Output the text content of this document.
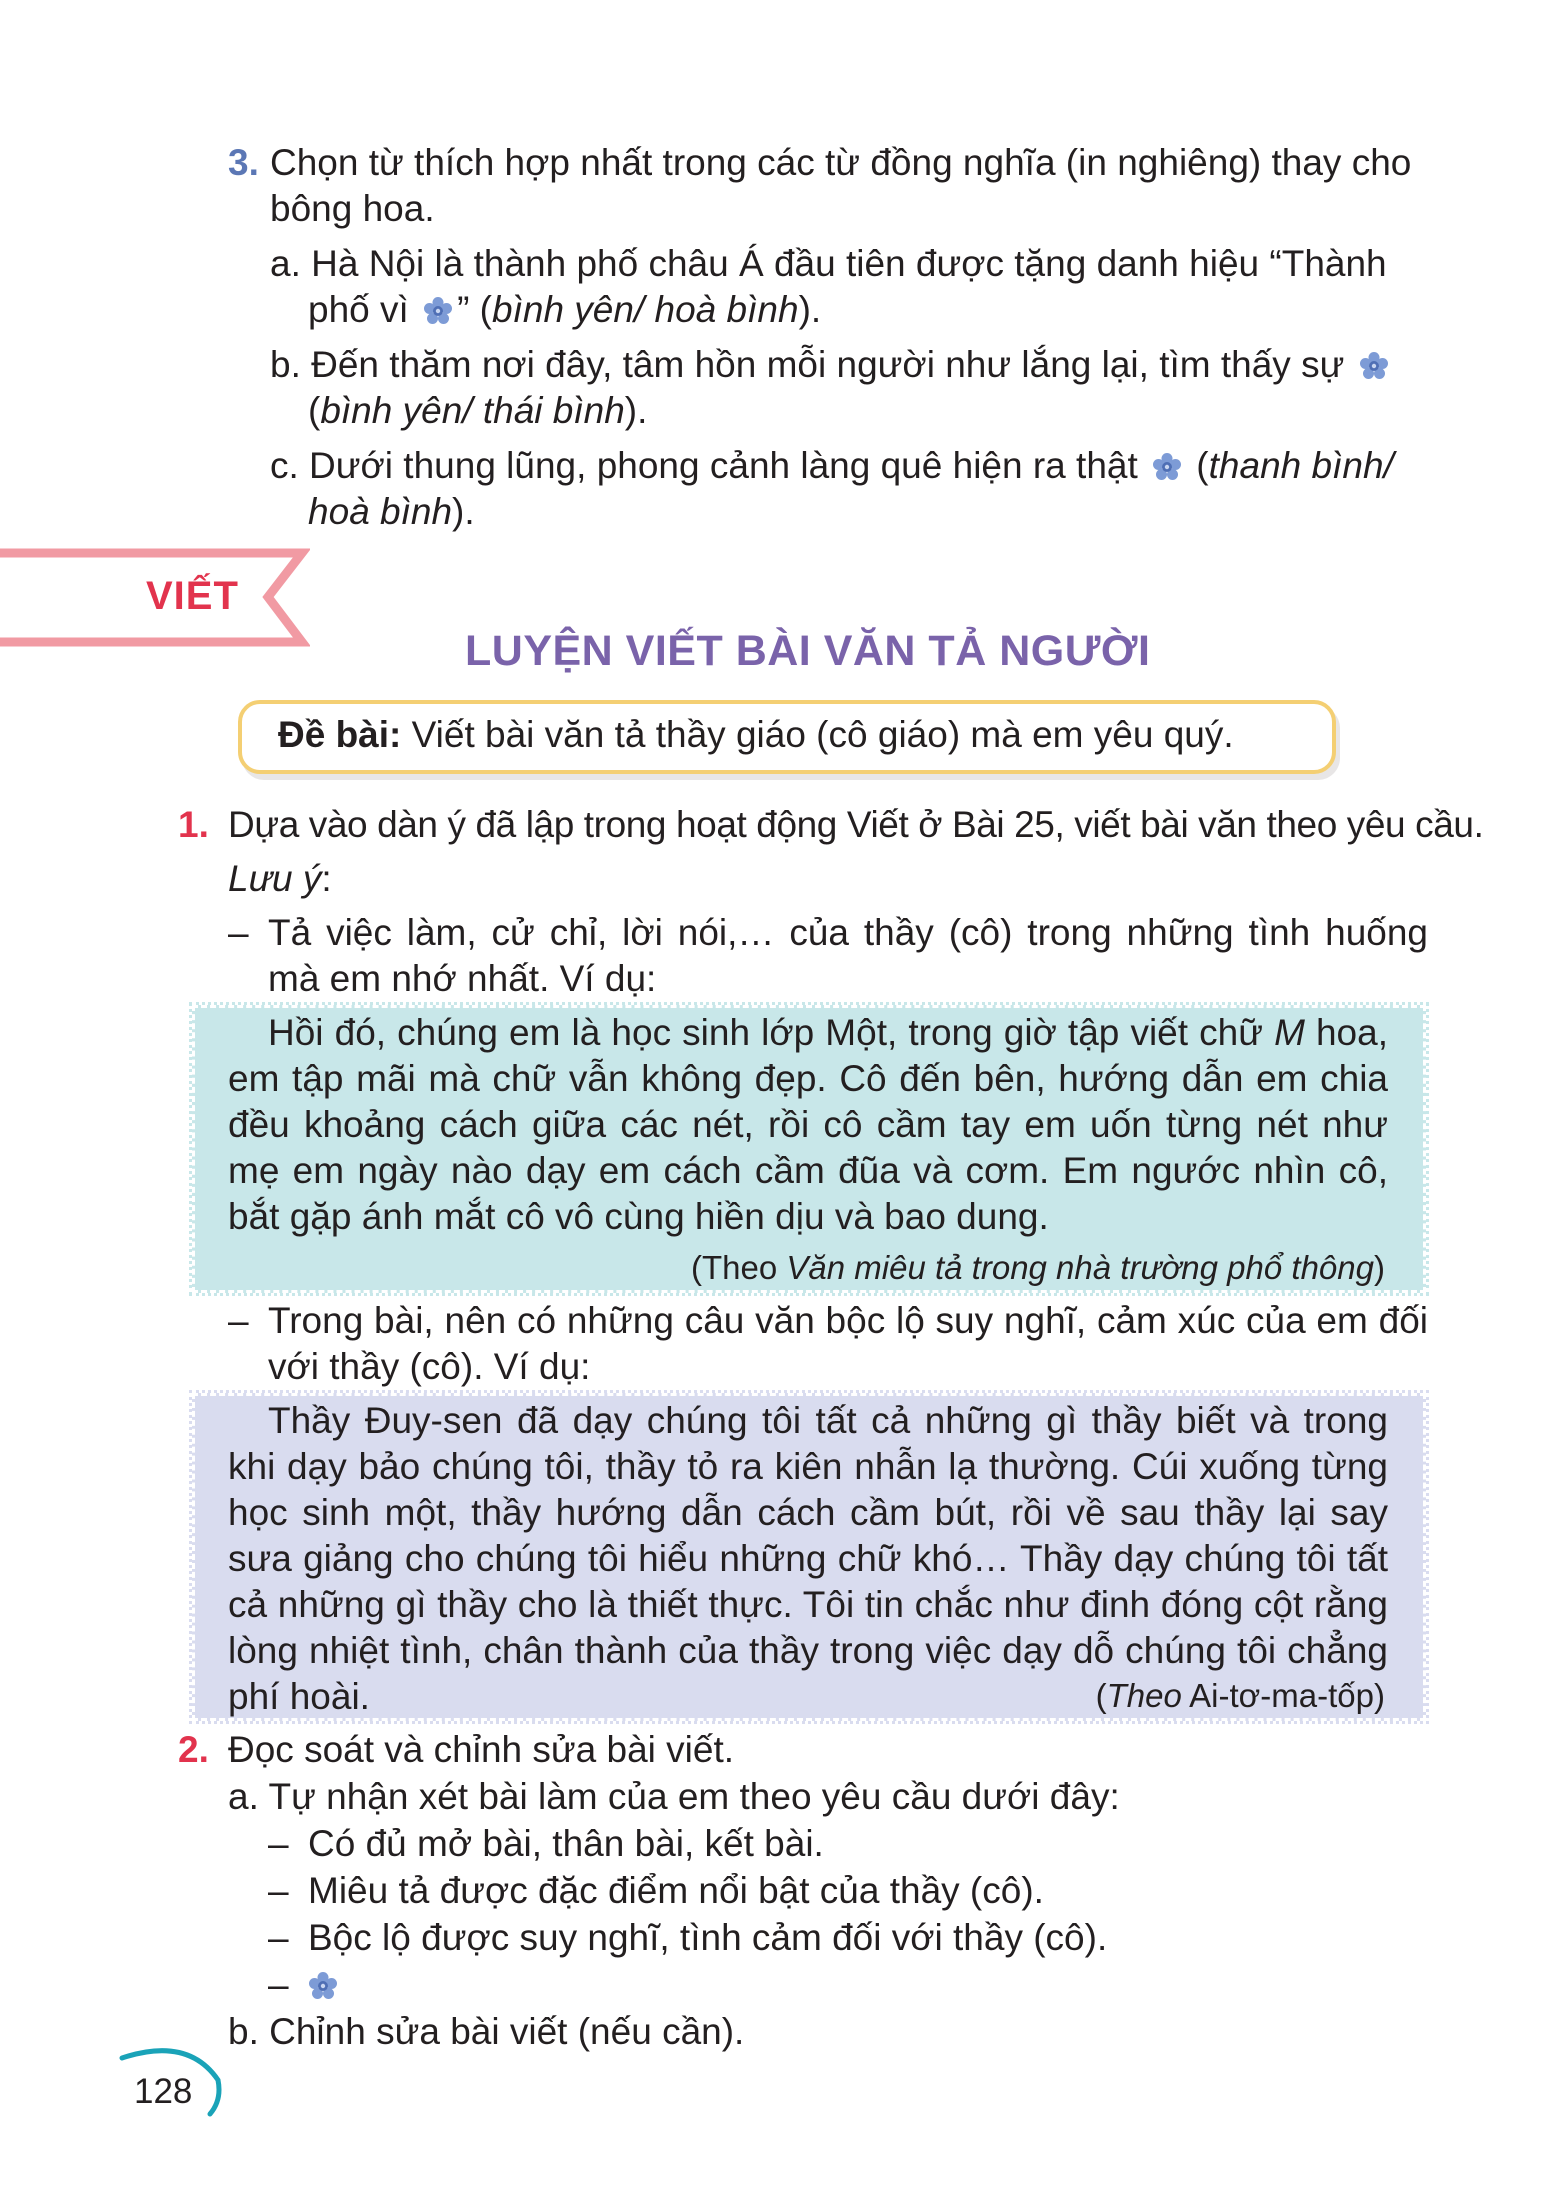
3. Chọn từ thích hợp nhất trong các từ đồng nghĩa (in nghiêng) thay cho bông hoa.
a. Hà Nội là thành phố châu Á đầu tiên được tặng danh hiệu “Thành phố vì
” (bình yên/ hoà bình).
b. Đến thăm nơi đây, tâm hồn mỗi người như lắng lại, tìm thấy sự

(bình yên/ thái bình).
c. Dưới thung lũng, phong cảnh làng quê hiện ra thật
(thanh bình/ hoà bình).
VIẾT
LUYỆN VIẾT BÀI VĂN TẢ NGƯỜI
Đề bài: Viết bài văn tả thầy giáo (cô giáo) mà em yêu quý.
1. Dựa vào dàn ý đã lập trong hoạt động Viết ở Bài 25, viết bài văn theo yêu cầu.
Lưu ý:
– Tả việc làm, cử chỉ, lời nói,… của thầy (cô) trong những tình huống mà em nhớ nhất. Ví dụ:
Hồi đó, chúng em là học sinh lớp Một, trong giờ tập viết chữ M hoa, em tập mãi mà chữ vẫn không đẹp. Cô đến bên, hướng dẫn em chia đều khoảng cách giữa các nét, rồi cô cầm tay em uốn từng nét như mẹ em ngày nào dạy em cách cầm đũa và cơm. Em ngước nhìn cô, bắt gặp ánh mắt cô vô cùng hiền dịu và bao dung.
(Theo Văn miêu tả trong nhà trường phổ thông)
– Trong bài, nên có những câu văn bộc lộ suy nghĩ, cảm xúc của em đối với thầy (cô). Ví dụ:
Thầy Đuy-sen đã dạy chúng tôi tất cả những gì thầy biết và trong khi dạy bảo chúng tôi, thầy tỏ ra kiên nhẫn lạ thường. Cúi xuống từng học sinh một, thầy hướng dẫn cách cầm bút, rồi về sau thầy lại say sưa giảng cho chúng tôi hiểu những chữ khó… Thầy dạy chúng tôi tất cả những gì thầy cho là thiết thực. Tôi tin chắc như đinh đóng cột rằng lòng nhiệt tình, chân thành của thầy trong việc dạy dỗ chúng tôi chẳng phí hoài.	(Theo Ai-tơ-ma-tốp)
2. Đọc soát và chỉnh sửa bài viết.
a. Tự nhận xét bài làm của em theo yêu cầu dưới đây:
– Có đủ mở bài, thân bài, kết bài.
– Miêu tả được đặc điểm nổi bật của thầy (cô).
– Bộc lộ được suy nghĩ, tình cảm đối với thầy (cô).
–
b. Chỉnh sửa bài viết (nếu cần).
128
